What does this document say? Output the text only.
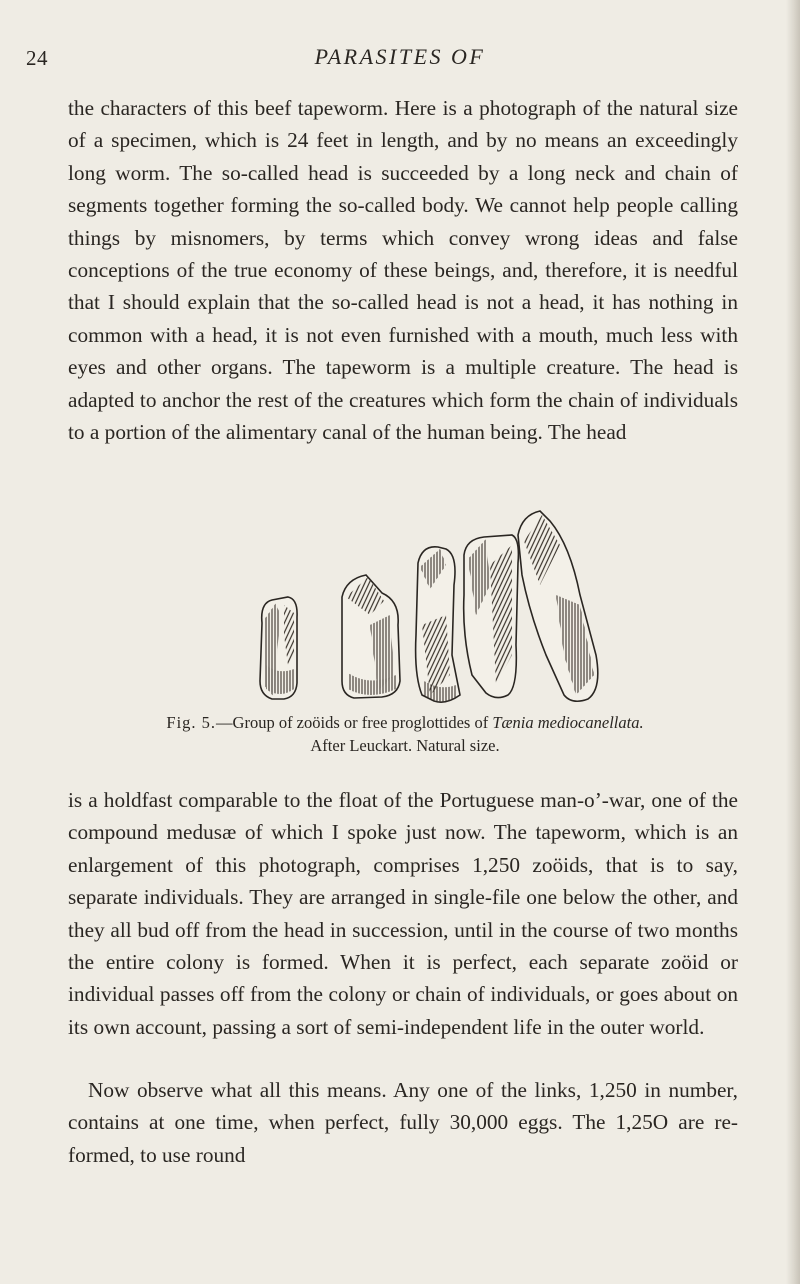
24	PARASITES OF

the characters of this beef tapeworm. Here is a photograph of the natural size of a specimen, which is 24 feet in length, and by no means an exceedingly long worm. The so-called head is succeeded by a long neck and chain of segments together forming the so-called body. We cannot help people calling things by misnomers, by terms which convey wrong ideas and false conceptions of the true economy of these beings, and, therefore, it is needful that I should explain that the so-called head is not a head, it has nothing in common with a head, it is not even furnished with a mouth, much less with eyes and other organs. The tapeworm is a multiple creature. The head is adapted to anchor the rest of the creatures which form the chain of individuals to a portion of the alimentary canal of the human being. The head

Fig. 5.—Group of zoöids or free proglottides of Tænia mediocanellata.
After Leuckart. Natural size.

is a holdfast comparable to the float of the Portuguese man-o’-war, one of the compound medusæ of which I spoke just now. The tapeworm, which is an enlargement of this photograph, comprises 1,250 zoöids, that is to say, separate individuals. They are arranged in single-file one below the other, and they all bud off from the head in succession, until in the course of two months the entire colony is formed. When it is perfect, each separate zoöid or individual passes off from the colony or chain of individuals, or goes about on its own account, passing a sort of semi-independent life in the outer world.

Now observe what all this means. Any one of the links, 1,250 in number, contains at one time, when perfect, fully 30,000 eggs. The 1,25O are re-formed, to use round
